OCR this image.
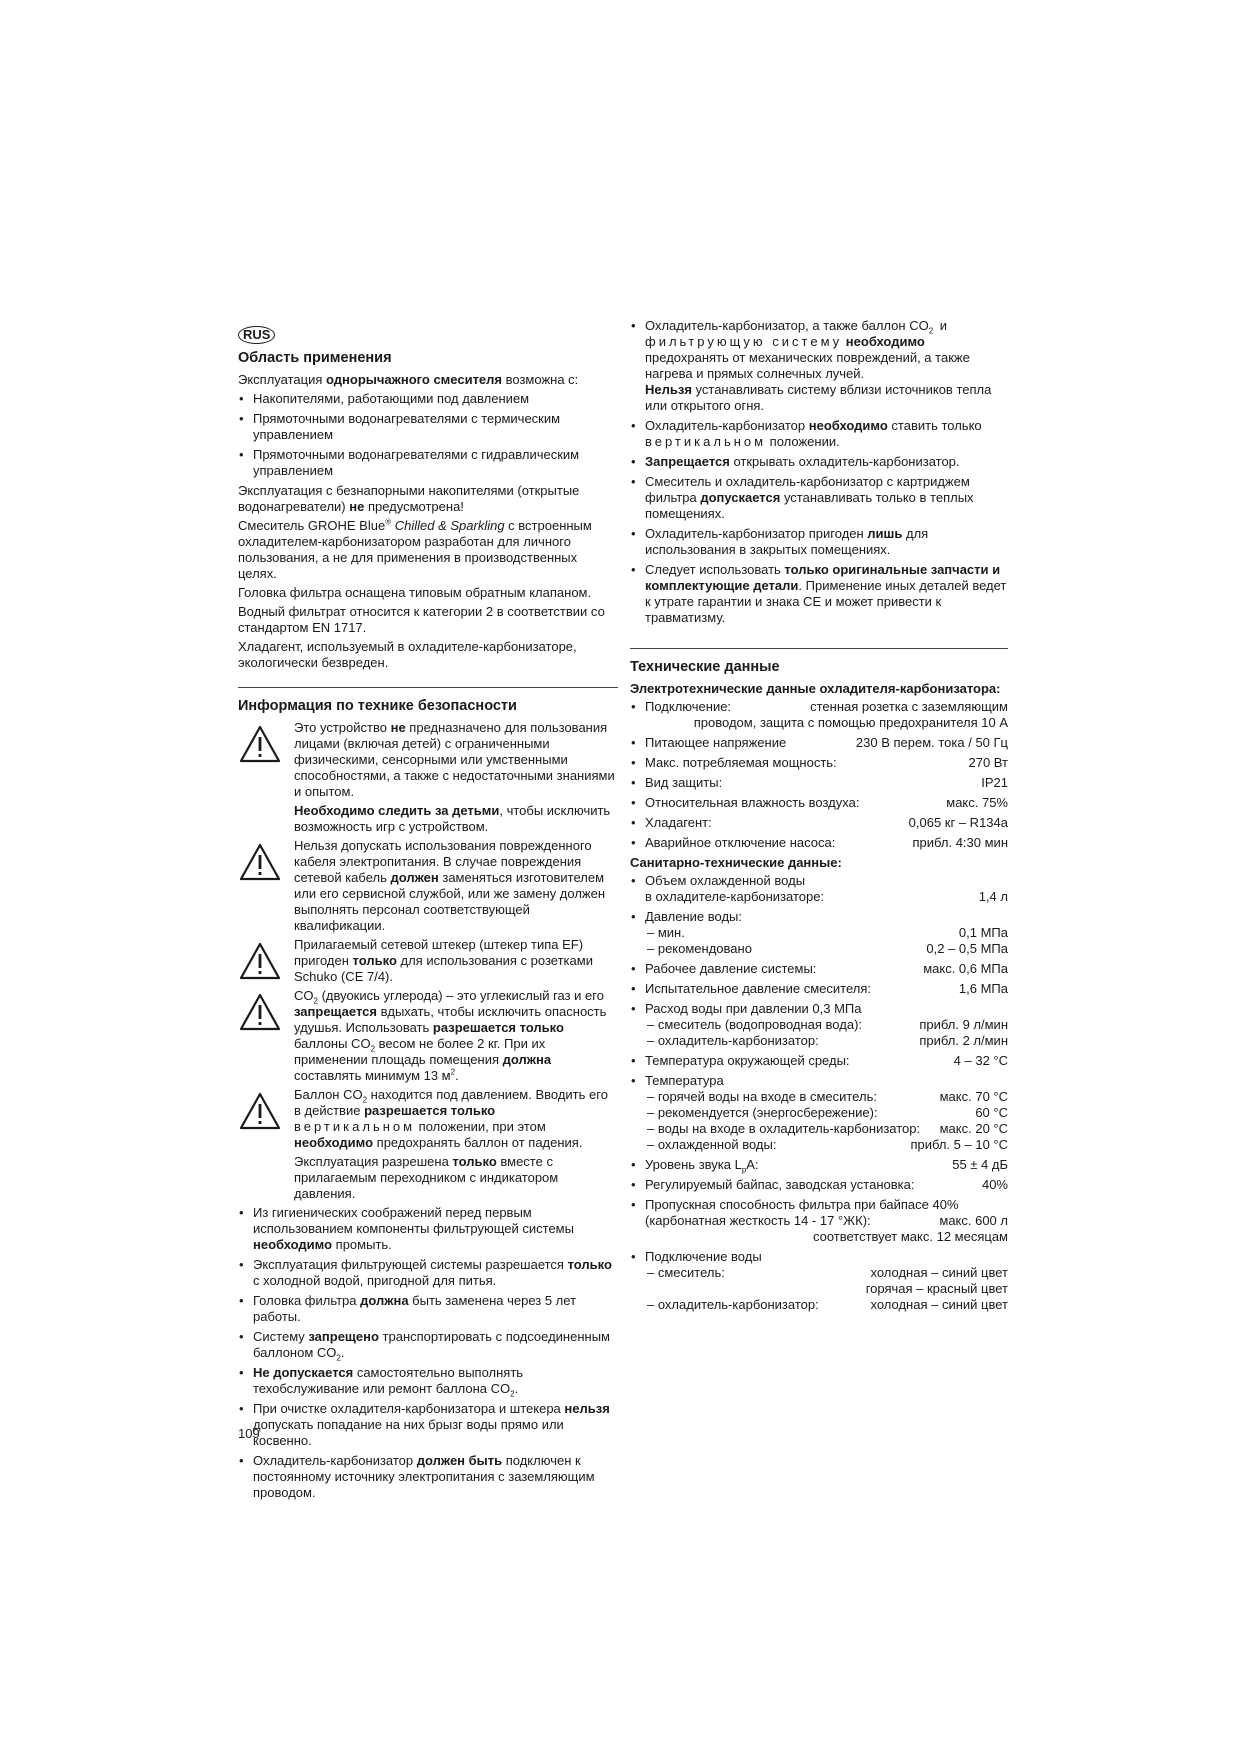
RUS
Область применения

Эксплуатация однорычажного смесителя возможна с:

• Накопителями, работающими под давлением
• Прямоточными водонагревателями с термическим управлением
• Прямоточными водонагревателями с гидравлическим управлением

Эксплуатация с безнапорными накопителями (открытые водонагреватели) не предусмотрена!

Смеситель GROHE Blue® Chilled & Sparkling с встроенным охладителем-карбонизатором разработан для личного пользования, а не для применения в производственных целях.

Головка фильтра оснащена типовым обратным клапаном.

Водный фильтрат относится к категории 2 в соответствии со стандартом EN 1717.

Хладагент, используемый в охладителе-карбонизаторе, экологически безвреден.

Информация по технике безопасности
Это устройство не предназначено для пользования лицами (включая детей) с ограниченными физическими, сенсорными или умственными способностями, а также с недостаточными знаниями и опытом.
Необходимо следить за детьми, чтобы исключить возможность игр с устройством.
Нельзя допускать использования поврежденного кабеля электропитания. В случае повреждения сетевой кабель должен заменяться изготовителем или его сервисной службой, или же замену должен выполнять персонал соответствующей квалификации.
Прилагаемый сетевой штекер (штекер типа EF) пригоден только для использования с розетками Schuko (CE 7/4).
$CO_2$ (двуокись углерода) – это углекислый газ и его запрещается вдыхать, чтобы исключить опасность удушья. Использовать разрешается только баллоны $CO_2$ весом не более 2 кг. При их применении площадь помещения должна составлять минимум 13 $м^2$.
Баллон $CO_2$ находится под давлением. Вводить его в действие разрешается только вертикальном положении, при этом необходимо предохранять баллон от падения.
Эксплуатация разрешена только вместе с прилагаемым переходником с индикатором давления.
• Из гигиенических соображений перед первым использованием компоненты фильтрующей системы необходимо промыть.
• Эксплуатация фильтрующей системы разрешается только с холодной водой, пригодной для питья.
• Головка фильтра должна быть заменена через 5 лет работы.
• Систему запрещено транспортировать с подсоединенным баллоном $CO_2$.
• Не допускается самостоятельно выполнять техобслуживание или ремонт баллона $CO_2$.
• При очистке охладителя-карбонизатора и штекера нельзя допускать попадание на них брызг воды прямо или косвенно.
• Охладитель-карбонизатор должен быть подключен к постоянному источнику электропитания с заземляющим проводом.
• Охладитель-карбонизатор, а также баллон $CO_2$ и фильтрующую систему необходимо предохранять от механических повреждений, а также нагрева и прямых солнечных лучей.
Нельзя устанавливать систему вблизи источников тепла или открытого огня.
• Охладитель-карбонизатор необходимо ставить только вертикальном положении.
• Запрещается открывать охладитель-карбонизатор.
• Смеситель и охладитель-карбонизатор с картриджем фильтра допускается устанавливать только в теплых помещениях.
• Охладитель-карбонизатор пригоден лишь для использования в закрытых помещениях.
• Следует использовать только оригинальные запчасти и комплектующие детали. Применение иных деталей ведет к утрате гарантии и знака CE и может привести к травматизму.
Технические данные
Электротехнические данные охладителя-карбонизатора:
• Подключение:	стенная розетка с заземляющим
проводом, защита с помощью предохранителя 10 А
• Питающее напряжение	230 В перем. тока / 50 Гц
• Макс. потребляемая мощность:	270 Вт
• Вид защиты:	IP21
• Относительная влажность воздуха:	макс. 75%
• Хладагент:	0,065 кг – R134a
• Аварийное отключение насоса:	прибл. 4:30 мин
Санитарно-технические данные:
• Объем охлажденной воды
в охладителе-карбонизаторе:	1,4 л
• Давление воды:
– мин.	0,1 МПа
– рекомендовано	0,2 – 0,5 МПа
• Рабочее давление системы:	макс. 0,6 МПа
• Испытательное давление смесителя:	1,6 МПа
• Расход воды при давлении 0,3 МПа
– смеситель (водопроводная вода):	прибл. 9 л/мин
– охладитель-карбонизатор:	прибл. 2 л/мин
• Температура окружающей среды:	4 – 32 °C
• Температура
– горячей воды на входе в смеситель:	макс. 70 °C
– рекомендуется (энергосбережение):	60 °C
– воды на входе в охладитель-карбонизатор:	макс. 20 °C
– охлажденной воды:	прибл. 5 – 10 °C
• Уровень звука $L_pA$:	55 ± 4 дБ
• Регулируемый байпас, заводская установка:	40%
• Пропускная способность фильтра при байпасе 40%
(карбонатная жесткость 14 - 17 °ЖК):	макс. 600 л
соответствует макс. 12 месяцам
• Подключение воды
– смеситель:	холодная – синий цвет
горячая – красный цвет
– охладитель-карбонизатор:	холодная – синий цвет
109
